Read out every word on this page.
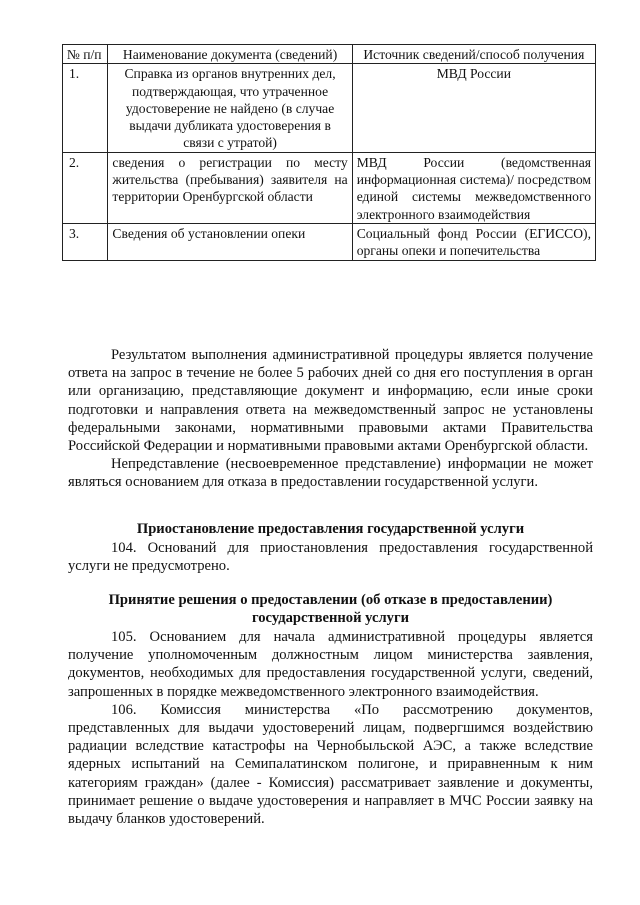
№ п/п	Наименование документа (сведений)	Источник сведений/способ получения
1.	Справка из органов внутренних дел, подтверждающая, что утраченное удостоверение не найдено (в случае выдачи дубликата удостоверения в связи с утратой)	МВД России
2.	сведения о регистрации по месту жительства (пребывания) заявителя на территории Оренбургской области	МВД России (ведомственная информационная система)/ посредством единой системы межведомственного электронного взаимодействия
3.	Сведения об установлении опеки	Социальный фонд России (ЕГИССО), органы опеки и попечительства

Результатом выполнения административной процедуры является получение ответа на запрос в течение не более 5 рабочих дней со дня его поступления в орган или организацию, представляющие документ и информацию, если иные сроки подготовки и направления ответа на межведомственный запрос не установлены федеральными законами, нормативными правовыми актами Правительства Российской Федерации и нормативными правовыми актами Оренбургской области.

Непредставление (несвоевременное представление) информации не может являться основанием для отказа в предоставлении государственной услуги.

Приостановление предоставления государственной услуги

104. Оснований для приостановления предоставления государственной услуги не предусмотрено.

Принятие решения о предоставлении (об отказе в предоставлении) государственной услуги

105. Основанием для начала административной процедуры является получение уполномоченным должностным лицом министерства заявления, документов, необходимых для предоставления государственной услуги, сведений, запрошенных в порядке межведомственного электронного взаимодействия.

106. Комиссия министерства «По рассмотрению документов, представленных для выдачи удостоверений лицам, подвергшимся воздействию радиации вследствие катастрофы на Чернобыльской АЭС, а также вследствие ядерных испытаний на Семипалатинском полигоне, и приравненным к ним категориям граждан» (далее - Комиссия) рассматривает заявление и документы, принимает решение о выдаче удостоверения и направляет в МЧС России заявку на выдачу бланков удостоверений.
